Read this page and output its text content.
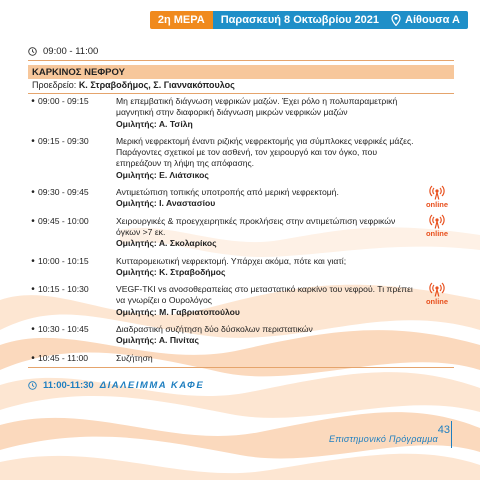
2η ΜΕΡΑ	Παρασκευή 8 Οκτωβρίου 2021	Αίθουσα Α
09:00 - 11:00
ΚΑΡΚΙΝΟΣ ΝΕΦΡΟΥ
Προεδρείο: Κ. Στραβοδήμος, Σ. Γιαννακόπουλος
• 09:00 - 09:15	Μη επεμβατική διάγνωση νεφρικών μαζών. Έχει ρόλο η πολυπαραμετρική μαγνητική στην διαφορική διάγνωση μικρών νεφρικών μαζών
Ομιλητής: Α. Τσίλη
• 09:15 - 09:30	Μερική νεφρεκτομή έναντι ριζικής νεφρεκτομής για σύμπλοκες νεφρικές μάζες. Παράγοντες σχετικοί με τον ασθενή, τον χειρουργό και τον όγκο, που επηρεάζουν τη λήψη της απόφασης.
Ομιλητής: Ε. Λιάτσικος
• 09:30 - 09:45	Αντιμετώπιση τοπικής υποτροπής από μερική νεφρεκτομή.
Ομιλητής: Ι. Αναστασίου	online
• 09:45 - 10:00	Χειρουργικές & προεγχειρητικές προκλήσεις στην αντιμετώπιση νεφρικών όγκων >7 εκ.
Ομιλητής: Α. Σκολαρίκος
online
• 10:00 - 10:15	Κυτταρομειωτική νεφρεκτομή. Υπάρχει ακόμα, πότε και γιατί;
Ομιλητής: Κ. Στραβοδήμος
• 10:15 - 10:30	VEGF-TKI vs ανοσοθεραπείας στο μεταστατικό καρκίνο του νεφρού. Τι πρέπει να γνωρίζει ο Ουρολόγος
Ομιλητής: Μ. Γαβριατοπούλου
online
• 10:30 - 10:45	Διαδραστική συζήτηση δύο δύσκολων περιστατικών
Ομιλητής: Α. Πινίτας
• 10:45 - 11:00	Συζήτηση
11:00-11:30 ΔΙΑΛΕΙΜΜΑ ΚΑΦΕ
43
Επιστημονικό Πρόγραμμα
